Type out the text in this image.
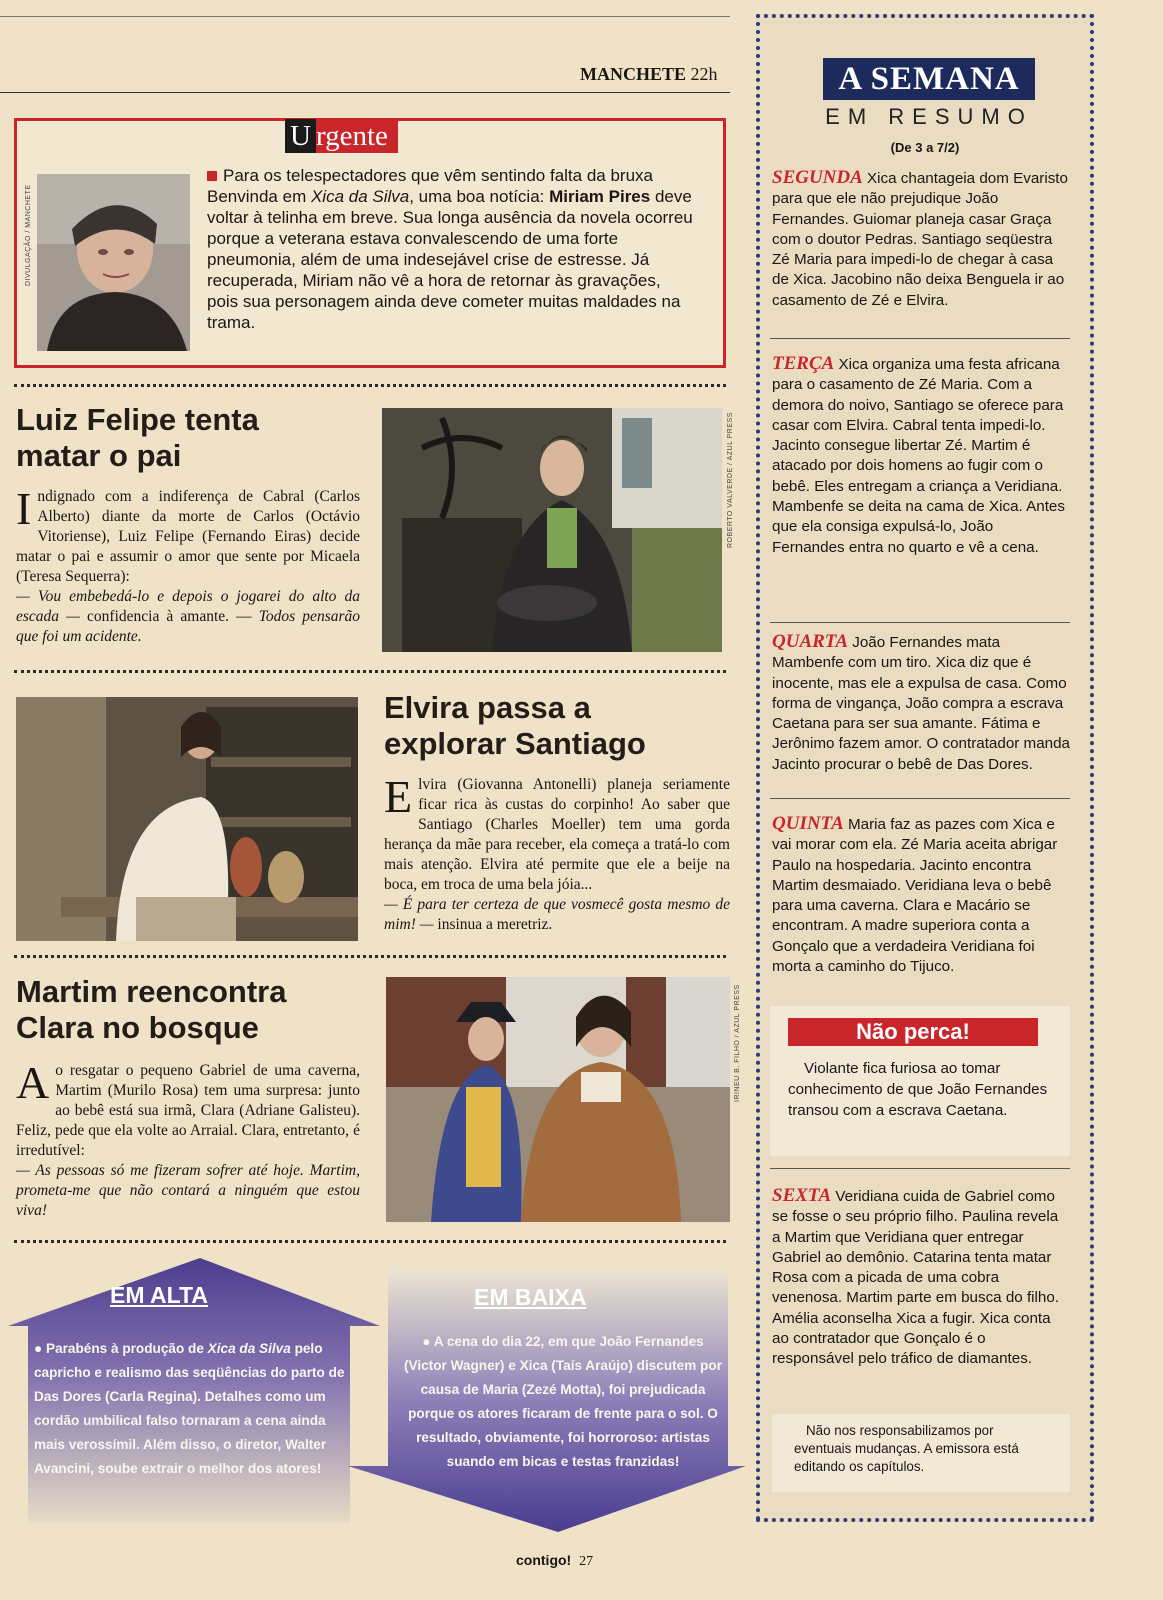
MANCHETE 22h
U rgente
DIVULGAÇÃO / MANCHETE

Para os telespectadores que vêm sentindo falta da bruxa Benvinda em Xica da Silva, uma boa notícia: Miriam Pires deve voltar à telinha em breve. Sua longa ausência da novela ocorreu porque a veterana estava convalescendo de uma forte pneumonia, além de uma indesejável crise de estresse. Já recuperada, Miriam não vê a hora de retornar às gravações, pois sua personagem ainda deve cometer muitas maldades na trama.

Luiz Felipe tenta matar o pai

Indignado com a indiferença de Cabral (Carlos Alberto) diante da morte de Carlos (Octávio Vitoriense), Luiz Felipe (Fernando Eiras) decide matar o pai e assumir o amor que sente por Micaela (Teresa Sequerra):

— Vou embebedá-lo e depois o jogarei do alto da escada — confidencia à amante. — Todos pensarão que foi um acidente.

ROBERTO VALVERDE / AZUL PRESS
Elvira passa a explorar Santiago

Elvira (Giovanna Antonelli) planeja seriamente ficar rica às custas do corpinho! Ao saber que Santiago (Charles Moeller) tem uma gorda herança da mãe para receber, ela começa a tratá-lo com mais atenção. Elvira até permite que ele a beije na boca, em troca de uma bela jóia...

— É para ter certeza de que vosmecê gosta mesmo de mim! — insinua a meretriz.

Martim reencontra Clara no bosque

Ao resgatar o pequeno Gabriel de uma caverna, Martim (Murilo Rosa) tem uma surpresa: junto ao bebê está sua irmã, Clara (Adriane Galisteu). Feliz, pede que ela volte ao Arraial. Clara, entretanto, é irredutível:

— As pessoas só me fizeram sofrer até hoje. Martim, prometa-me que não contará a ninguém que estou viva!

IRINEU B. FILHO / AZUL PRESS
EM ALTA

● Parabéns à produção de Xica da Silva pelo capricho e realismo das seqüências do parto de Das Dores (Carla Regina). Detalhes como um cordão umbilical falso tornaram a cena ainda mais verossímil. Além disso, o diretor, Walter Avancini, soube extrair o melhor dos atores!

EM BAIXA

● A cena do dia 22, em que João Fernandes (Victor Wagner) e Xica (Taís Araújo) discutem por causa de Maria (Zezé Motta), foi prejudicada porque os atores ficaram de frente para o sol. O resultado, obviamente, foi horroroso: artistas suando em bicas e testas franzidas!

A SEMANA
EM RESUMO
(De 3 a 7/2)

SEGUNDA Xica chantageia dom Evaristo para que ele não prejudique João Fernandes. Guiomar planeja casar Graça com o doutor Pedras. Santiago seqüestra Zé Maria para impedi-lo de chegar à casa de Xica. Jacobino não deixa Benguela ir ao casamento de Zé e Elvira.

TERÇA Xica organiza uma festa africana para o casamento de Zé Maria. Com a demora do noivo, Santiago se oferece para casar com Elvira. Cabral tenta impedi-lo. Jacinto consegue libertar Zé. Martim é atacado por dois homens ao fugir com o bebê. Eles entregam a criança a Veridiana. Mambenfe se deita na cama de Xica. Antes que ela consiga expulsá-lo, João Fernandes entra no quarto e vê a cena.

QUARTA João Fernandes mata Mambenfe com um tiro. Xica diz que é inocente, mas ele a expulsa de casa. Como forma de vingança, João compra a escrava Caetana para ser sua amante. Fátima e Jerônimo fazem amor. O contratador manda Jacinto procurar o bebê de Das Dores.

QUINTA Maria faz as pazes com Xica e vai morar com ela. Zé Maria aceita abrigar Paulo na hospedaria. Jacinto encontra Martim desmaiado. Veridiana leva o bebê para uma caverna. Clara e Macário se encontram. A madre superiora conta a Gonçalo que a verdadeira Veridiana foi morta a caminho do Tijuco.

Não perca!

Violante fica furiosa ao tomar conhecimento de que João Fernandes transou com a escrava Caetana.

SEXTA Veridiana cuida de Gabriel como se fosse o seu próprio filho. Paulina revela a Martim que Veridiana quer entregar Gabriel ao demônio. Catarina tenta matar Rosa com a picada de uma cobra venenosa. Martim parte em busca do filho. Amélia aconselha Xica a fugir. Xica conta ao contratador que Gonçalo é o responsável pelo tráfico de diamantes.

Não nos responsabilizamos por eventuais mudanças. A emissora está editando os capítulos.

contigo! 27
